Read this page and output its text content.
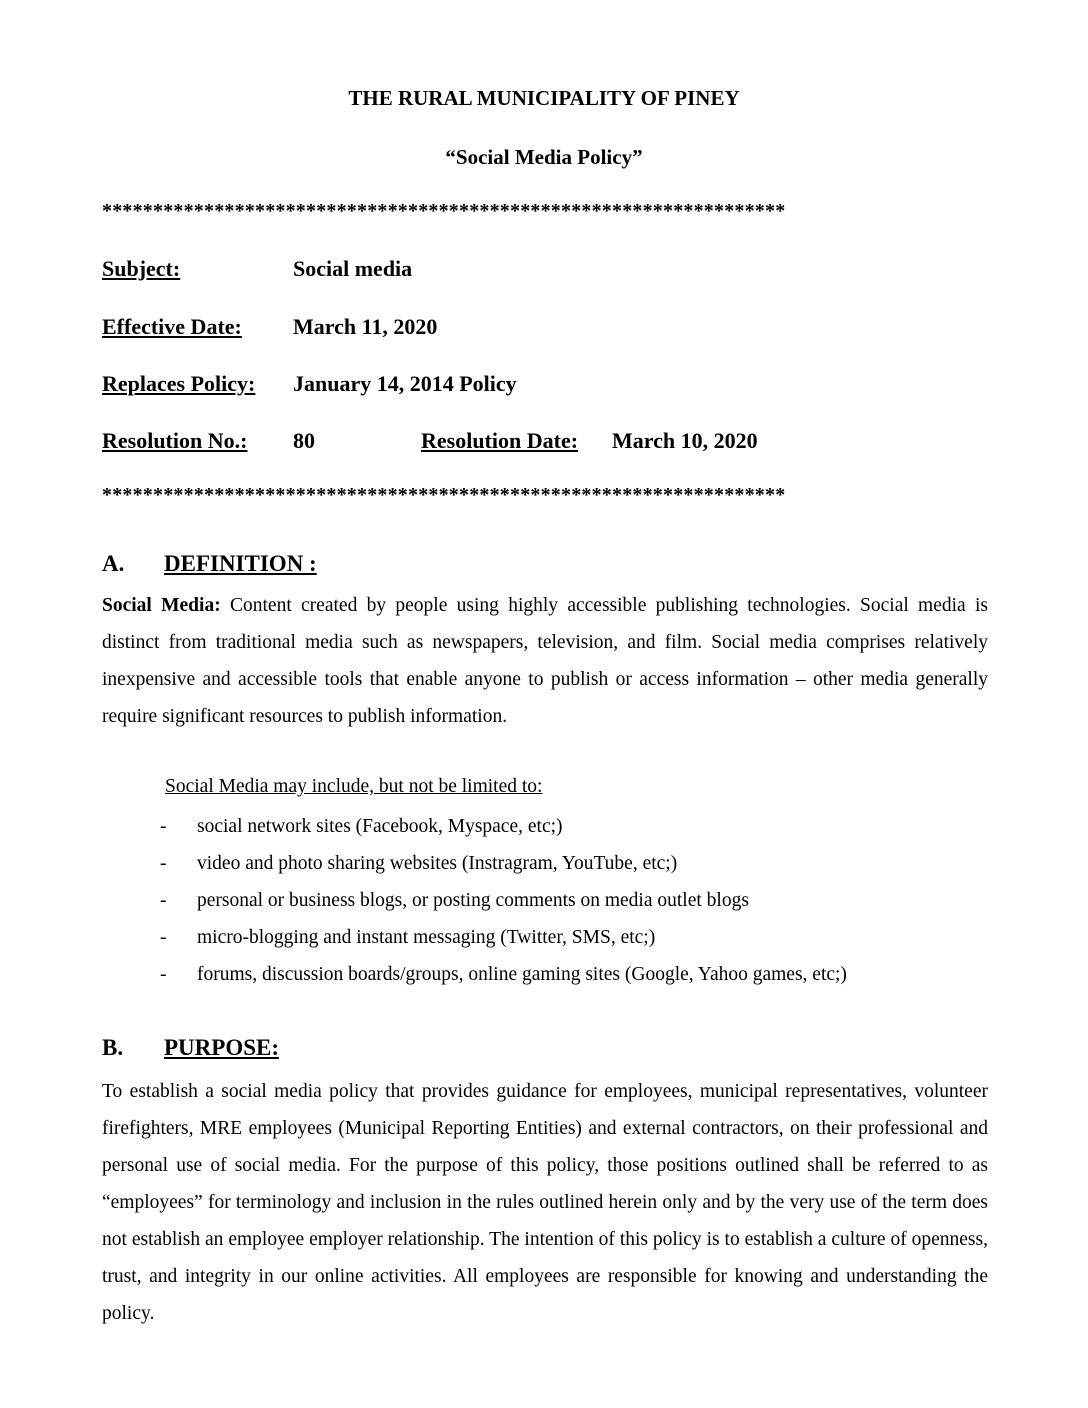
THE RURAL MUNICIPALITY OF PINEY
“Social Media Policy”
*******************************************************************
Subject:	Social media
Effective Date: March 11, 2020
Replaces Policy: January 14, 2014 Policy
Resolution No.: 80	Resolution Date: March 10, 2020
*******************************************************************
A. DEFINITION :
Social Media: Content created by people using highly accessible publishing technologies. Social media is distinct from traditional media such as newspapers, television, and film. Social media comprises relatively inexpensive and accessible tools that enable anyone to publish or access information – other media generally require significant resources to publish information.
Social Media may include, but not be limited to:
- social network sites (Facebook, Myspace, etc;)
- video and photo sharing websites (Instragram, YouTube, etc;)
- personal or business blogs, or posting comments on media outlet blogs
- micro-blogging and instant messaging (Twitter, SMS, etc;)
- forums, discussion boards/groups, online gaming sites (Google, Yahoo games, etc;)
B. PURPOSE:
To establish a social media policy that provides guidance for employees, municipal representatives, volunteer firefighters, MRE employees (Municipal Reporting Entities) and external contractors, on their professional and personal use of social media. For the purpose of this policy, those positions outlined shall be referred to as “employees” for terminology and inclusion in the rules outlined herein only and by the very use of the term does not establish an employee employer relationship. The intention of this policy is to establish a culture of openness, trust, and integrity in our online activities. All employees are responsible for knowing and understanding the policy.
